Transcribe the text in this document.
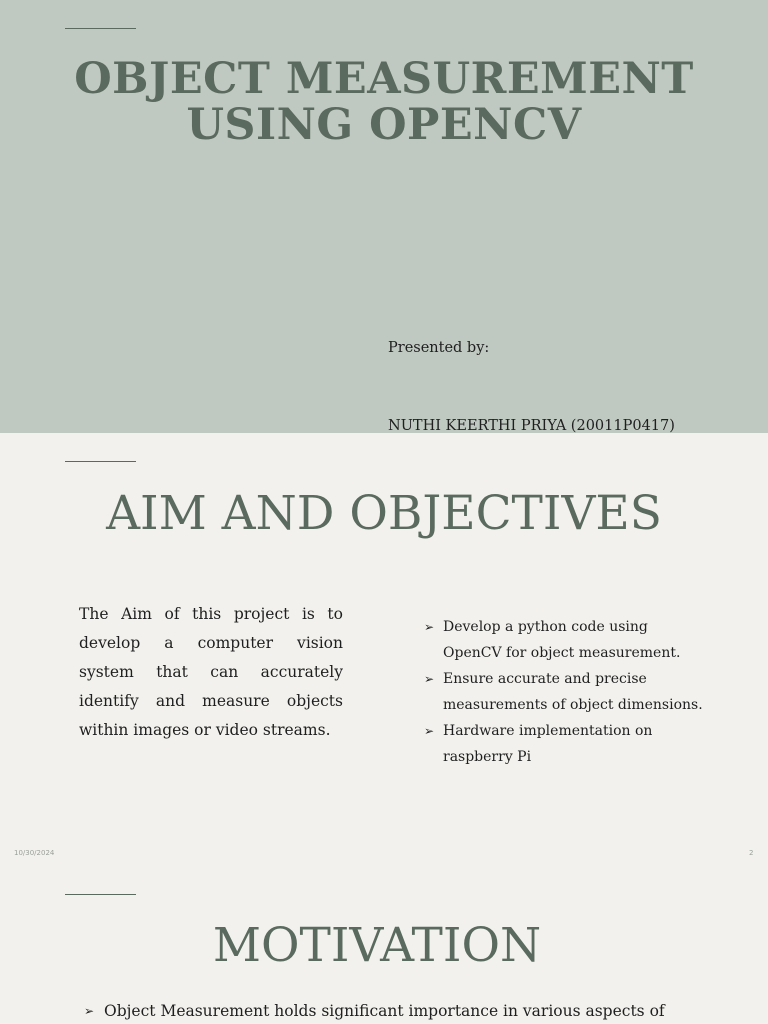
OBJECT MEASUREMENT
USING OPENCV

Presented by:

NUTHI KEERTHI PRIYA (20011P0417)

AIM AND OBJECTIVES

The Aim of this project is to develop a computer vision system that can accurately identify and measure objects within images or video streams.

➢ Develop a python code using
OpenCV for object measurement.
➢ Ensure accurate and precise
measurements of object dimensions.
➢ Hardware implementation on
raspberry Pi
10/30/2024	2
MOTIVATION
➢ Object Measurement holds significant importance in various aspects of
